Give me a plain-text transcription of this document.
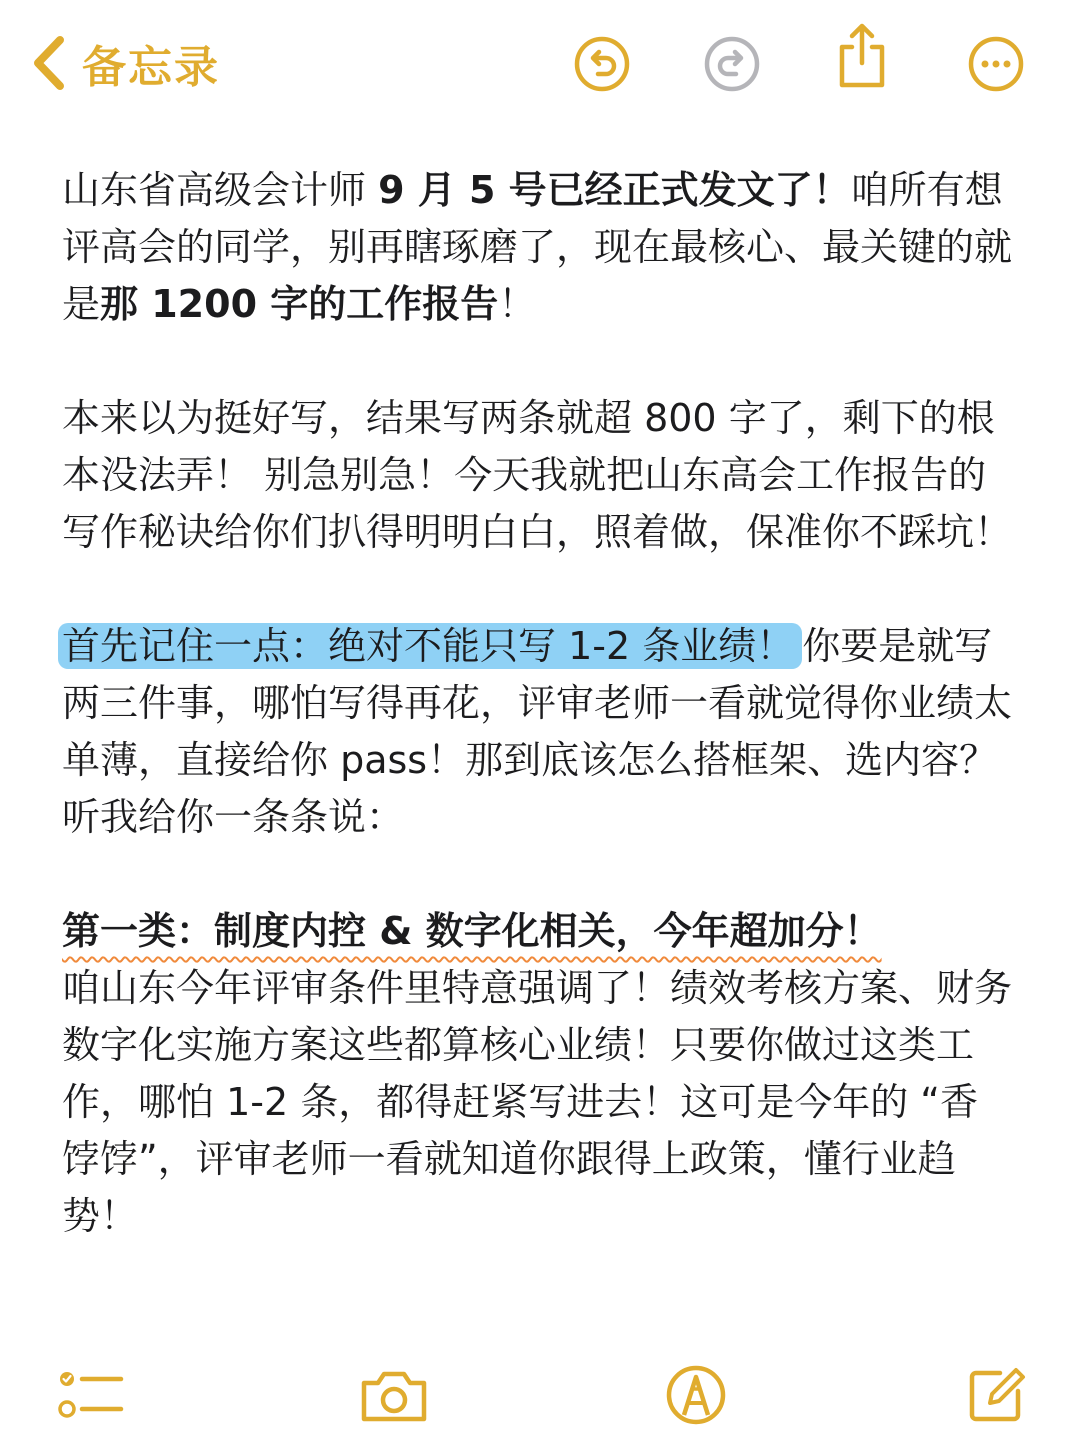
备忘录

山东省高级会计师 9 月 5 号已经正式发文了！咱所有想评高会的同学，别再瞎琢磨了，现在最核心、最关键的就是那 1200 字的工作报告！

本来以为挺好写，结果写两条就超 800 字了，剩下的根本没法弄！ 别急别急！今天我就把山东高会工作报告的写作秘诀给你们扒得明明白白，照着做，保准你不踩坑！

首先记住一点：绝对不能只写 1-2 条业绩！ 你要是就写两三件事，哪怕写得再花，评审老师一看就觉得你业绩太单薄，直接给你 pass！那到底该怎么搭框架、选内容？听我给你一条条说：

第一类：制度内控 & 数字化相关，今年超加分！
咱山东今年评审条件里特意强调了！绩效考核方案、财务数字化实施方案这些都算核心业绩！只要你做过这类工作，哪怕 1-2 条，都得赶紧写进去！这可是今年的 “香饽饽”，评审老师一看就知道你跟得上政策，懂行业趋势！
